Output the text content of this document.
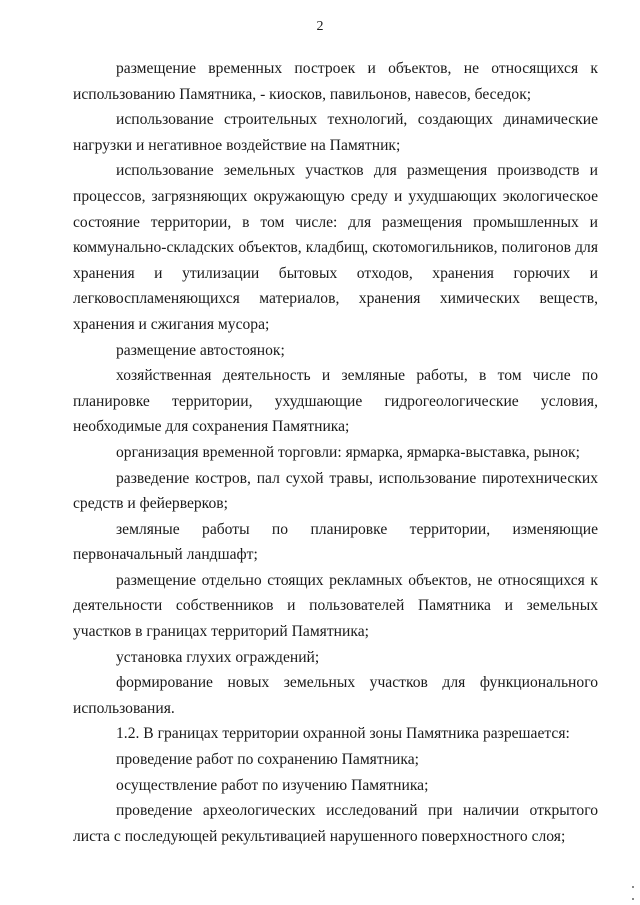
2

размещение временных построек и объектов, не относящихся к использованию Памятника, - киосков, павильонов, навесов, беседок;

использование строительных технологий, создающих динамические нагрузки и негативное воздействие на Памятник;

использование земельных участков для размещения производств и процессов, загрязняющих окружающую среду и ухудшающих экологическое состояние территории, в том числе: для размещения промышленных и коммунально-складских объектов, кладбищ, скотомогильников, полигонов для хранения и утилизации бытовых отходов, хранения горючих и легковоспламеняющихся материалов, хранения химических веществ, хранения и сжигания мусора;

размещение автостоянок;

хозяйственная деятельность и земляные работы, в том числе по планировке территории, ухудшающие гидрогеологические условия, необходимые для сохранения Памятника;

организация временной торговли: ярмарка, ярмарка-выставка, рынок;

разведение костров, пал сухой травы, использование пиротехнических средств и фейерверков;

земляные работы по планировке территории, изменяющие первоначальный ландшафт;

размещение отдельно стоящих рекламных объектов, не относящихся к деятельности собственников и пользователей Памятника и земельных участков в границах территорий Памятника;

установка глухих ограждений;

формирование новых земельных участков для функционального использования.

1.2. В границах территории охранной зоны Памятника разрешается:

проведение работ по сохранению Памятника;

осуществление работ по изучению Памятника;

проведение археологических исследований при наличии открытого листа с последующей рекультивацией нарушенного поверхностного слоя;
